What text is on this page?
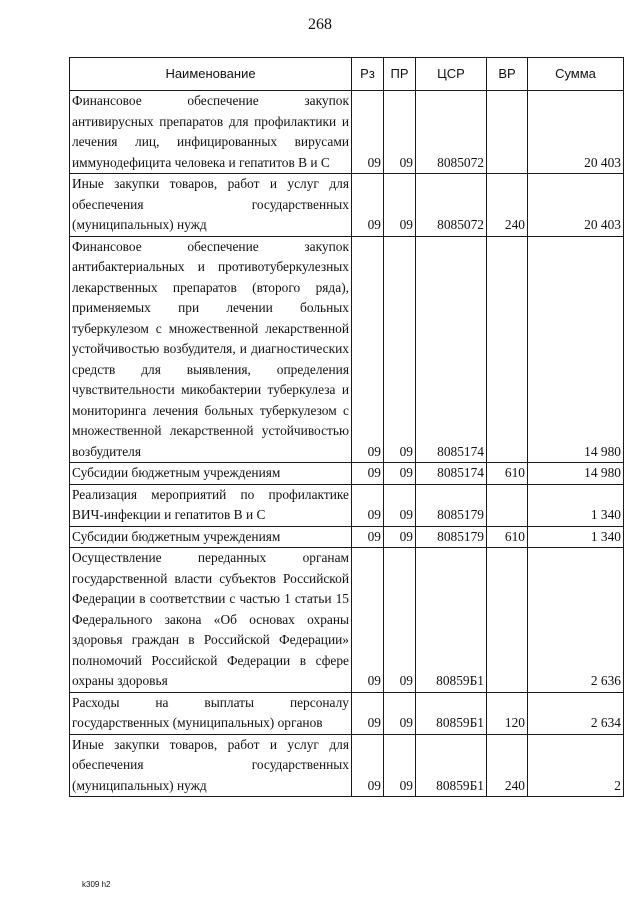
268
Наименование	Рз	ПР	ЦСР	ВР	Сумма
Финансовое обеспечение закупок антивирусных препаратов для профилактики и лечения лиц, инфицированных вирусами иммунодефицита человека и гепатитов В и С	09	09	8085072		20 403
Иные закупки товаров, работ и услуг для обеспечения государственных (муниципальных) нужд	09	09	8085072	240	20 403
Финансовое обеспечение закупок антибактериальных и противотуберкулезных лекарственных препаратов (второго ряда), применяемых при лечении больных туберкулезом с множественной лекарственной устойчивостью возбудителя, и диагностических средств для выявления, определения чувствительности микобактерии туберкулеза и мониторинга лечения больных туберкулезом с множественной лекарственной устойчивостью возбудителя	09	09	8085174		14 980
Субсидии бюджетным учреждениям	09	09	8085174	610	14 980
Реализация мероприятий по профилактике ВИЧ-инфекции и гепатитов В и С	09	09	8085179		1 340
Субсидии бюджетным учреждениям	09	09	8085179	610	1 340
Осуществление переданных органам государственной власти субъектов Российской Федерации в соответствии с частью 1 статьи 15 Федерального закона «Об основах охраны здоровья граждан в Российской Федерации» полномочий Российской Федерации в сфере охраны здоровья	09	09	80859Б1		2 636
Расходы на выплаты персоналу государственных (муниципальных) органов	09	09	80859Б1	120	2 634
Иные закупки товаров, работ и услуг для обеспечения государственных (муниципальных) нужд	09	09	80859Б1	240	2
k309 h2
